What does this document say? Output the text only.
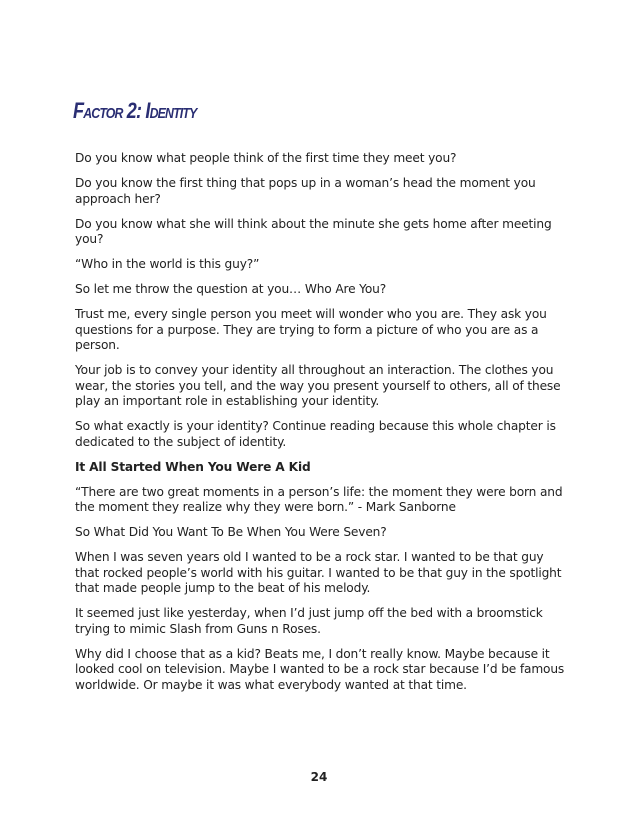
Factor 2: Identity

Do you know what people think of the first time they meet you?

Do you know the first thing that pops up in a woman’s head the moment you approach her?

Do you know what she will think about the minute she gets home after meeting you?

“Who in the world is this guy?”

So let me throw the question at you… Who Are You?

Trust me, every single person you meet will wonder who you are. They ask you questions for a purpose. They are trying to form a picture of who you are as a person.

Your job is to convey your identity all throughout an interaction. The clothes you wear, the stories you tell, and the way you present yourself to others, all of these play an important role in establishing your identity.

So what exactly is your identity? Continue reading because this whole chapter is dedicated to the subject of identity.

It All Started When You Were A Kid

“There are two great moments in a person’s life: the moment they were born and the moment they realize why they were born.” - Mark Sanborne

So What Did You Want To Be When You Were Seven?

When I was seven years old I wanted to be a rock star. I wanted to be that guy that rocked people’s world with his guitar. I wanted to be that guy in the spotlight that made people jump to the beat of his melody.

It seemed just like yesterday, when I’d just jump off the bed with a broomstick trying to mimic Slash from Guns n Roses.

Why did I choose that as a kid? Beats me, I don’t really know. Maybe because it looked cool on television. Maybe I wanted to be a rock star because I’d be famous worldwide. Or maybe it was what everybody wanted at that time.

24
